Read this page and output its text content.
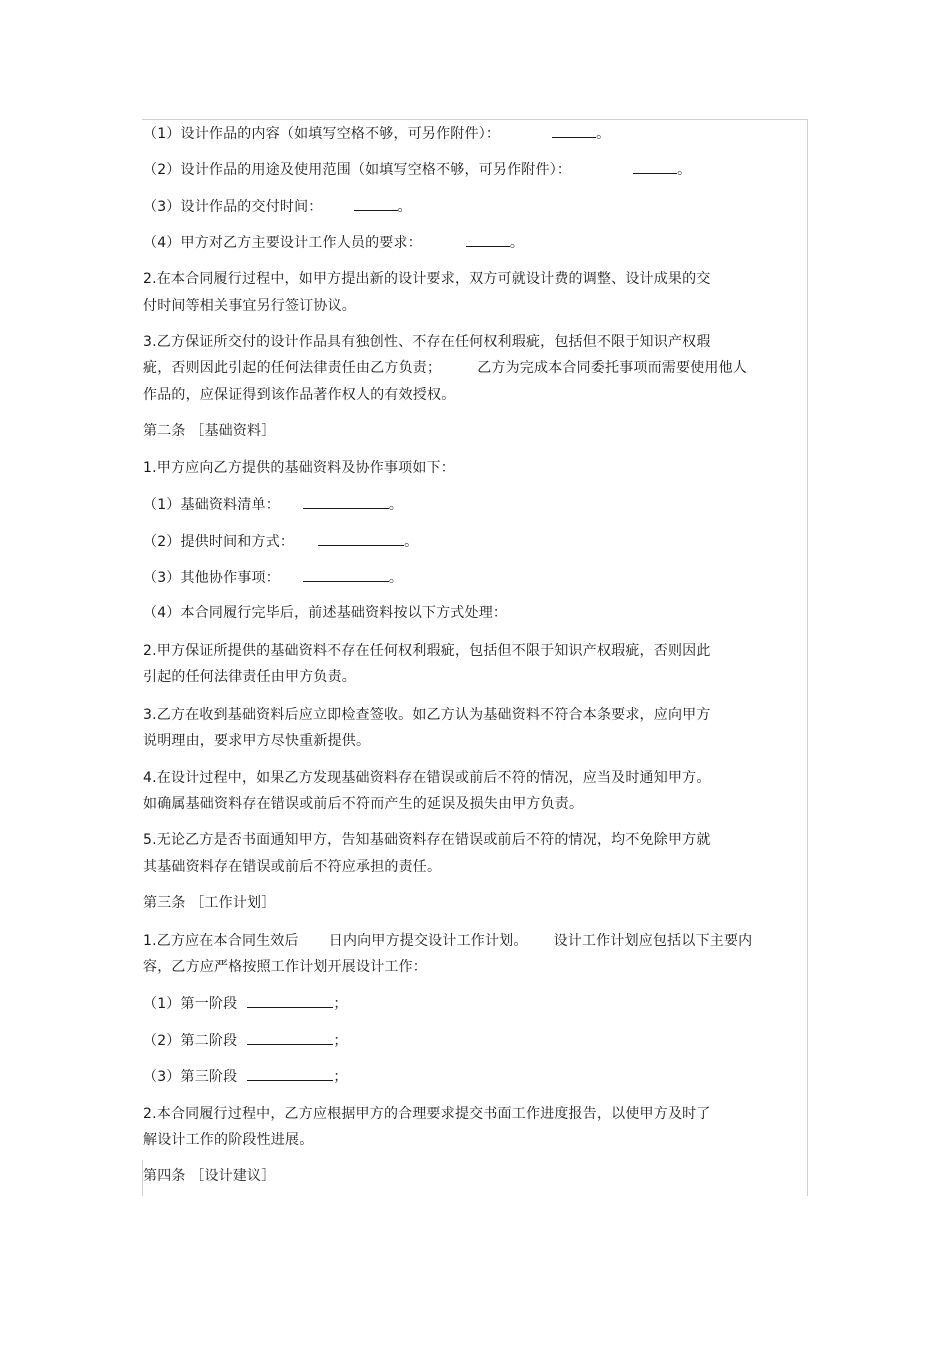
（1）设计作品的内容（如填写空格不够，可另作附件）：	。
（2）设计作品的用途及使用范围（如填写空格不够，可另作附件）：	。
（3）设计作品的交付时间：	。
（4）甲方对乙方主要设计工作人员的要求：	。
2.在本合同履行过程中，如甲方提出新的设计要求，双方可就设计费的调整、设计成果的交
付时间等相关事宜另行签订协议。
3.乙方保证所交付的设计作品具有独创性、不存在任何权利瑕疵，包括但不限于知识产权瑕
疵，否则因此引起的任何法律责任由乙方负责；	乙方为完成本合同委托事项而需要使用他人
作品的，应保证得到该作品著作权人的有效授权。
第二条 ［基础资料］
1.甲方应向乙方提供的基础资料及协作事项如下：
（1）基础资料清单：	。
（2）提供时间和方式：	。
（3）其他协作事项：	。
（4）本合同履行完毕后，前述基础资料按以下方式处理：
2.甲方保证所提供的基础资料不存在任何权利瑕疵，包括但不限于知识产权瑕疵，否则因此
引起的任何法律责任由甲方负责。
3.乙方在收到基础资料后应立即检查签收。如乙方认为基础资料不符合本条要求，应向甲方
说明理由，要求甲方尽快重新提供。
4.在设计过程中，如果乙方发现基础资料存在错误或前后不符的情况，应当及时通知甲方。
如确属基础资料存在错误或前后不符而产生的延误及损失由甲方负责。
5.无论乙方是否书面通知甲方，告知基础资料存在错误或前后不符的情况，均不免除甲方就
其基础资料存在错误或前后不符应承担的责任。
第三条 ［工作计划］
1.乙方应在本合同生效后 日内向甲方提交设计工作计划。 设计工作计划应包括以下主要内
容，乙方应严格按照工作计划开展设计工作：
（1）第一阶段	；
（2）第二阶段	；
（3）第三阶段	；
2.本合同履行过程中，乙方应根据甲方的合理要求提交书面工作进度报告，以使甲方及时了
解设计工作的阶段性进展。
第四条 ［设计建议］
